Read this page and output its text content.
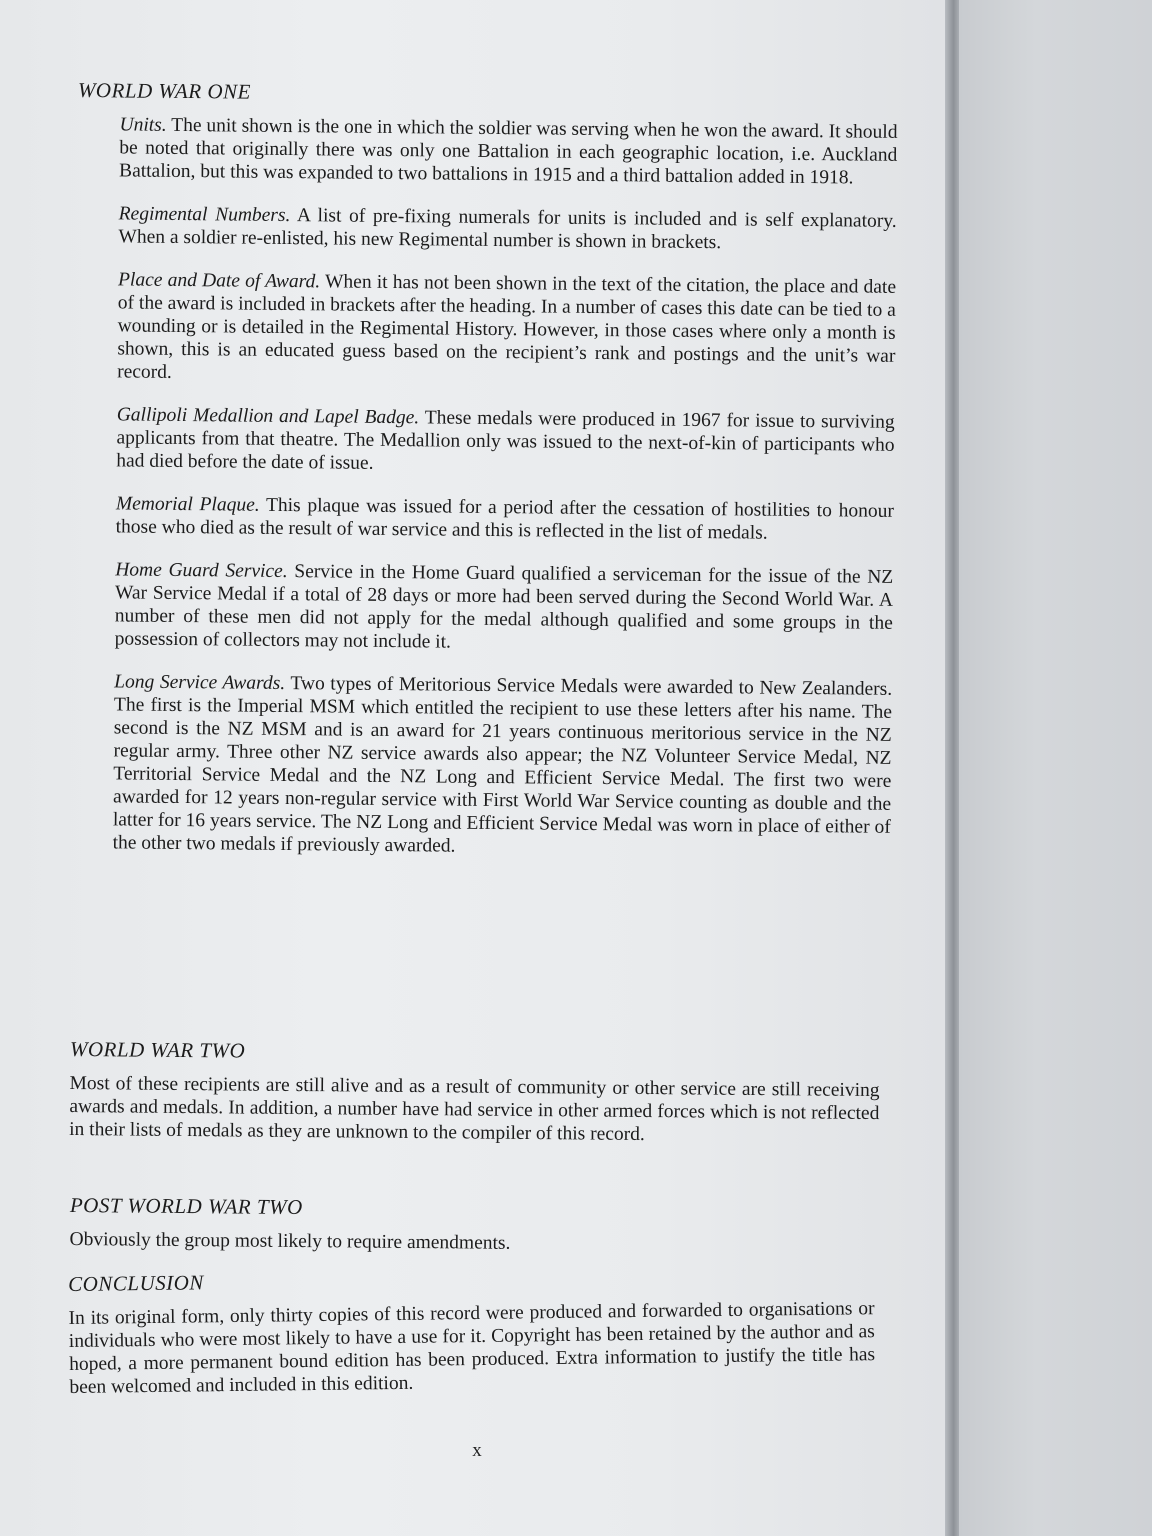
WORLD WAR ONE

Units. The unit shown is the one in which the soldier was serving when he won the award. It should be noted that originally there was only one Battalion in each geographic location, i.e. Auckland Battalion, but this was expanded to two battalions in 1915 and a third battalion added in 1918.

Regimental Numbers. A list of pre-fixing numerals for units is included and is self explanatory. When a soldier re-enlisted, his new Regimental number is shown in brackets.

Place and Date of Award. When it has not been shown in the text of the citation, the place and date of the award is included in brackets after the heading. In a number of cases this date can be tied to a wounding or is detailed in the Regimental History. However, in those cases where only a month is shown, this is an educated guess based on the recipient’s rank and postings and the unit’s war record.

Gallipoli Medallion and Lapel Badge. These medals were produced in 1967 for issue to surviving applicants from that theatre. The Medallion only was issued to the next-of-kin of participants who had died before the date of issue.

Memorial Plaque. This plaque was issued for a period after the cessation of hostilities to honour those who died as the result of war service and this is reflected in the list of medals.

Home Guard Service. Service in the Home Guard qualified a serviceman for the issue of the NZ War Service Medal if a total of 28 days or more had been served during the Second World War. A number of these men did not apply for the medal although qualified and some groups in the possession of collectors may not include it.

Long Service Awards. Two types of Meritorious Service Medals were awarded to New Zealanders. The first is the Imperial MSM which entitled the recipient to use these letters after his name. The second is the NZ MSM and is an award for 21 years continuous meritorious service in the NZ regular army. Three other NZ service awards also appear; the NZ Volunteer Service Medal, NZ Territorial Service Medal and the NZ Long and Efficient Service Medal. The first two were awarded for 12 years non-regular service with First World War Service counting as double and the latter for 16 years service. The NZ Long and Efficient Service Medal was worn in place of either of the other two medals if previously awarded.

WORLD WAR TWO

Most of these recipients are still alive and as a result of community or other service are still receiving awards and medals. In addition, a number have had service in other armed forces which is not reflected in their lists of medals as they are unknown to the compiler of this record.

POST WORLD WAR TWO

Obviously the group most likely to require amendments.

CONCLUSION

In its original form, only thirty copies of this record were produced and forwarded to organisations or individuals who were most likely to have a use for it. Copyright has been retained by the author and as hoped, a more permanent bound edition has been produced. Extra information to justify the title has been welcomed and included in this edition.

x
